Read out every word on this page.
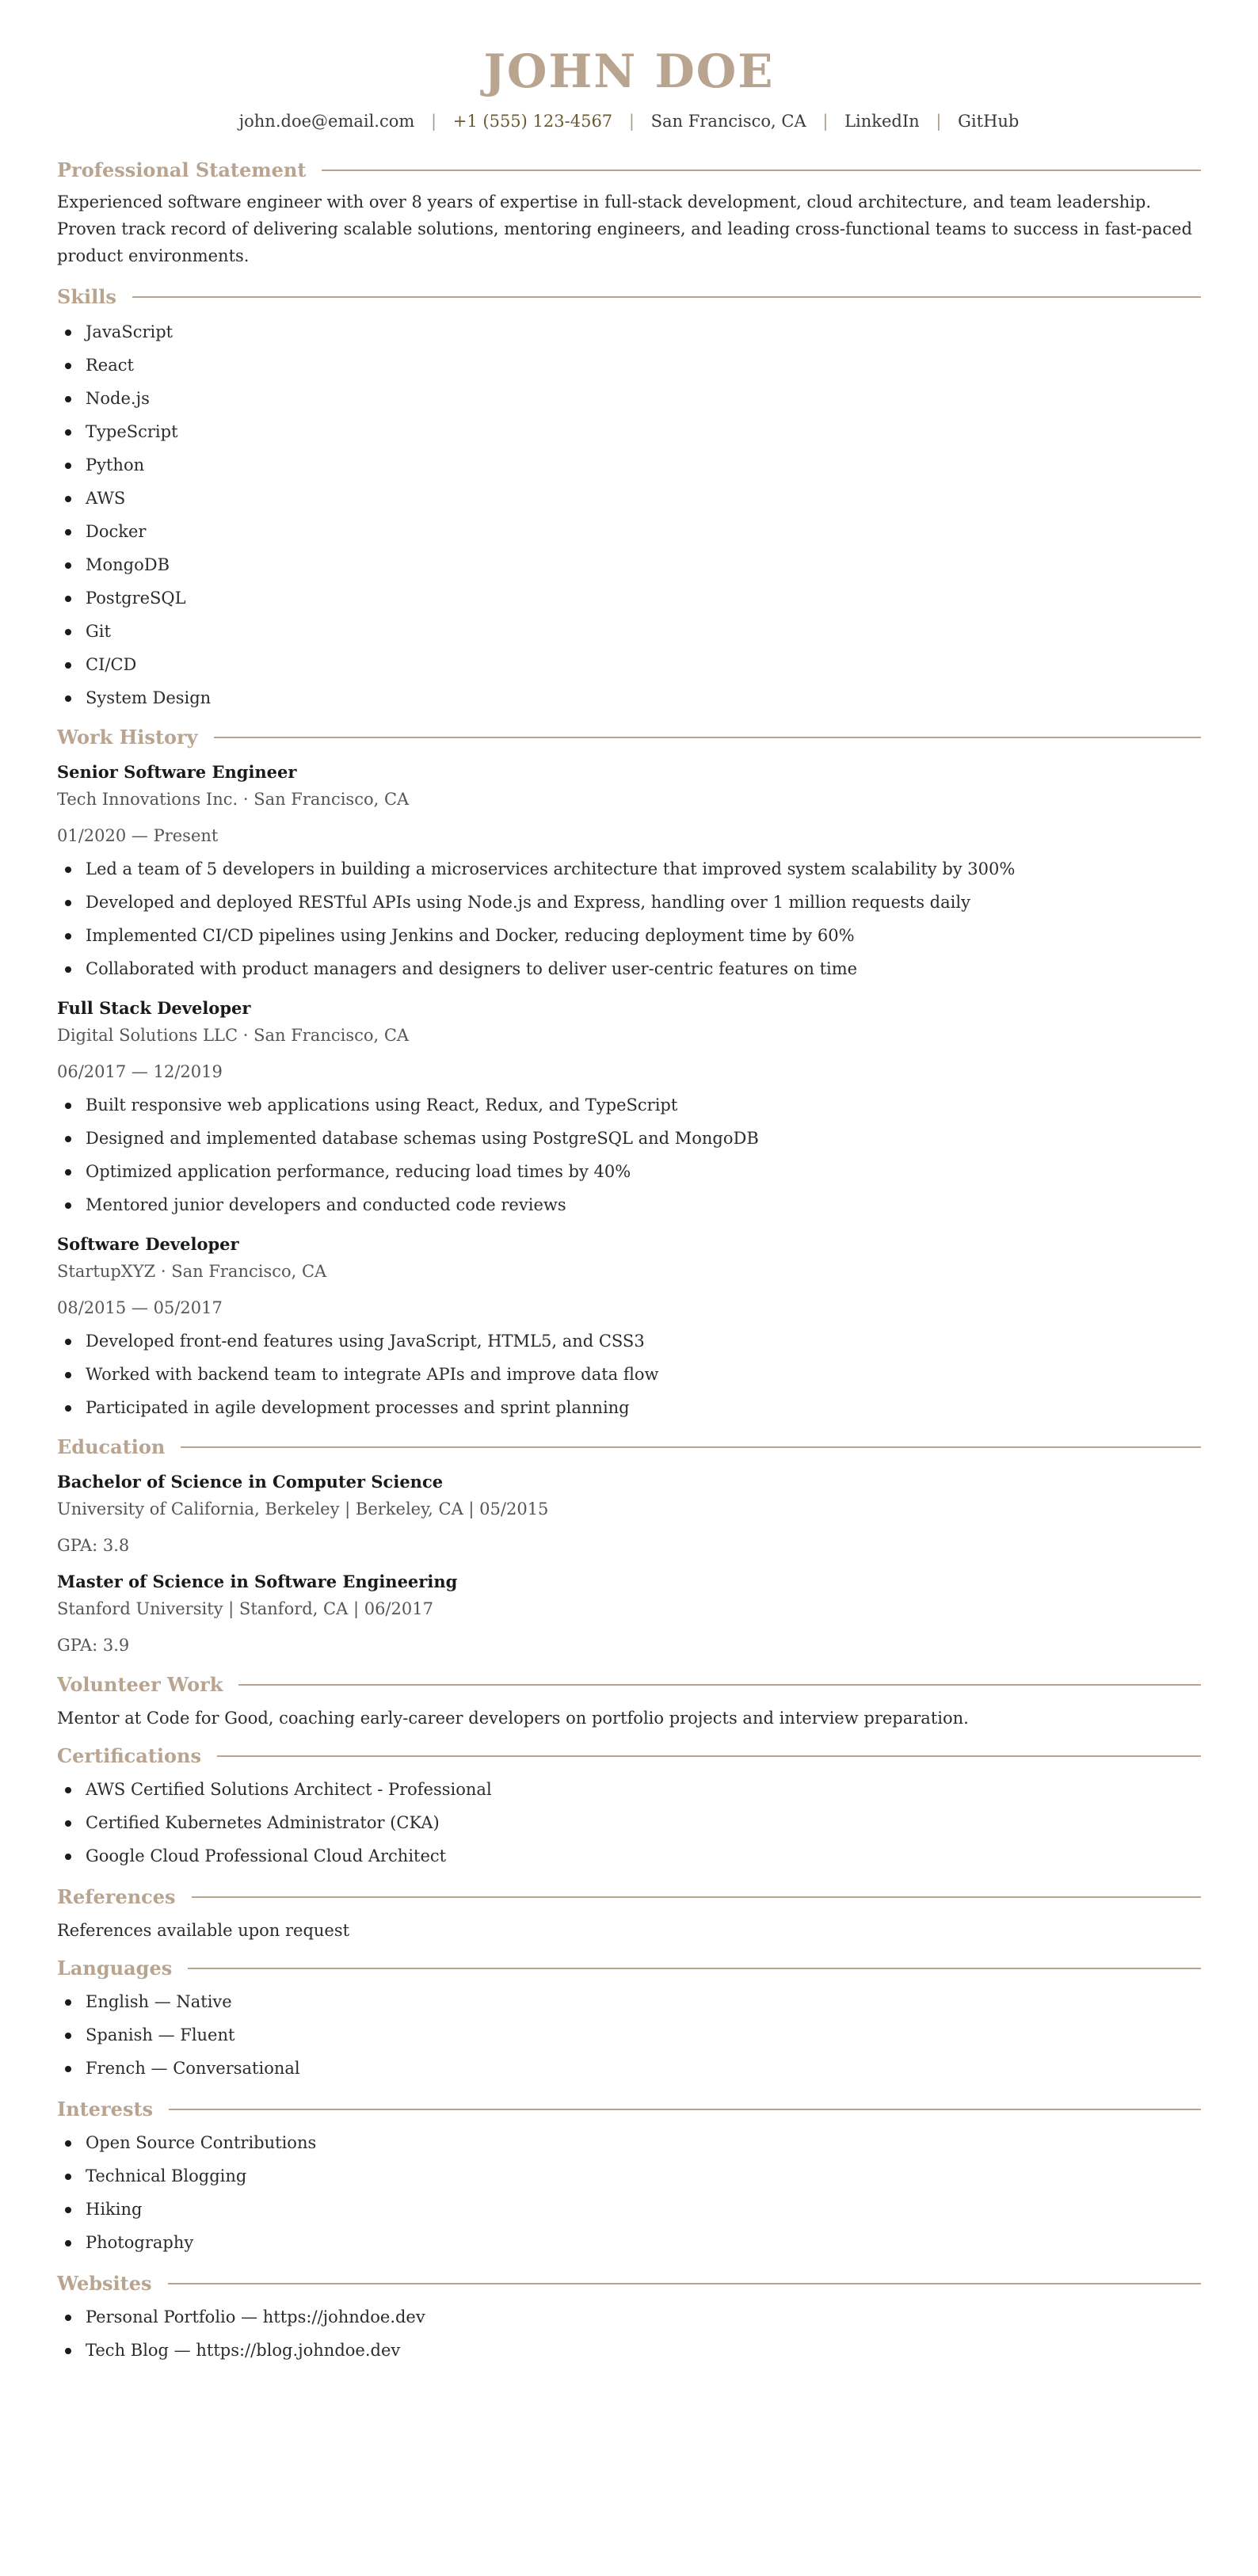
JOHN DOE
john.doe@email.com | +1 (555) 123-4567 | San Francisco, CA | LinkedIn | GitHub
Professional Statement

Experienced software engineer with over 8 years of expertise in full-stack development, cloud architecture, and team leadership. Proven track record of delivering scalable solutions, mentoring engineers, and leading cross-functional teams to success in fast-paced product environments.

Skills
JavaScript
React
Node.js
TypeScript
Python
AWS
Docker
MongoDB
PostgreSQL
Git
CI/CD
System Design
Work History
Senior Software Engineer
Tech Innovations Inc. · San Francisco, CA
01/2020 — Present
Led a team of 5 developers in building a microservices architecture that improved system scalability by 300%
Developed and deployed RESTful APIs using Node.js and Express, handling over 1 million requests daily
Implemented CI/CD pipelines using Jenkins and Docker, reducing deployment time by 60%
Collaborated with product managers and designers to deliver user-centric features on time
Full Stack Developer
Digital Solutions LLC · San Francisco, CA
06/2017 — 12/2019
Built responsive web applications using React, Redux, and TypeScript
Designed and implemented database schemas using PostgreSQL and MongoDB
Optimized application performance, reducing load times by 40%
Mentored junior developers and conducted code reviews
Software Developer
StartupXYZ · San Francisco, CA
08/2015 — 05/2017
Developed front-end features using JavaScript, HTML5, and CSS3
Worked with backend team to integrate APIs and improve data flow
Participated in agile development processes and sprint planning
Education
Bachelor of Science in Computer Science
University of California, Berkeley | Berkeley, CA | 05/2015
GPA: 3.8
Master of Science in Software Engineering
Stanford University | Stanford, CA | 06/2017
GPA: 3.9
Volunteer Work

Mentor at Code for Good, coaching early-career developers on portfolio projects and interview preparation.

Certifications
AWS Certified Solutions Architect - Professional
Certified Kubernetes Administrator (CKA)
Google Cloud Professional Cloud Architect
References

References available upon request

Languages
English — Native
Spanish — Fluent
French — Conversational
Interests
Open Source Contributions
Technical Blogging
Hiking
Photography
Websites
Personal Portfolio — https://johndoe.dev
Tech Blog — https://blog.johndoe.dev
